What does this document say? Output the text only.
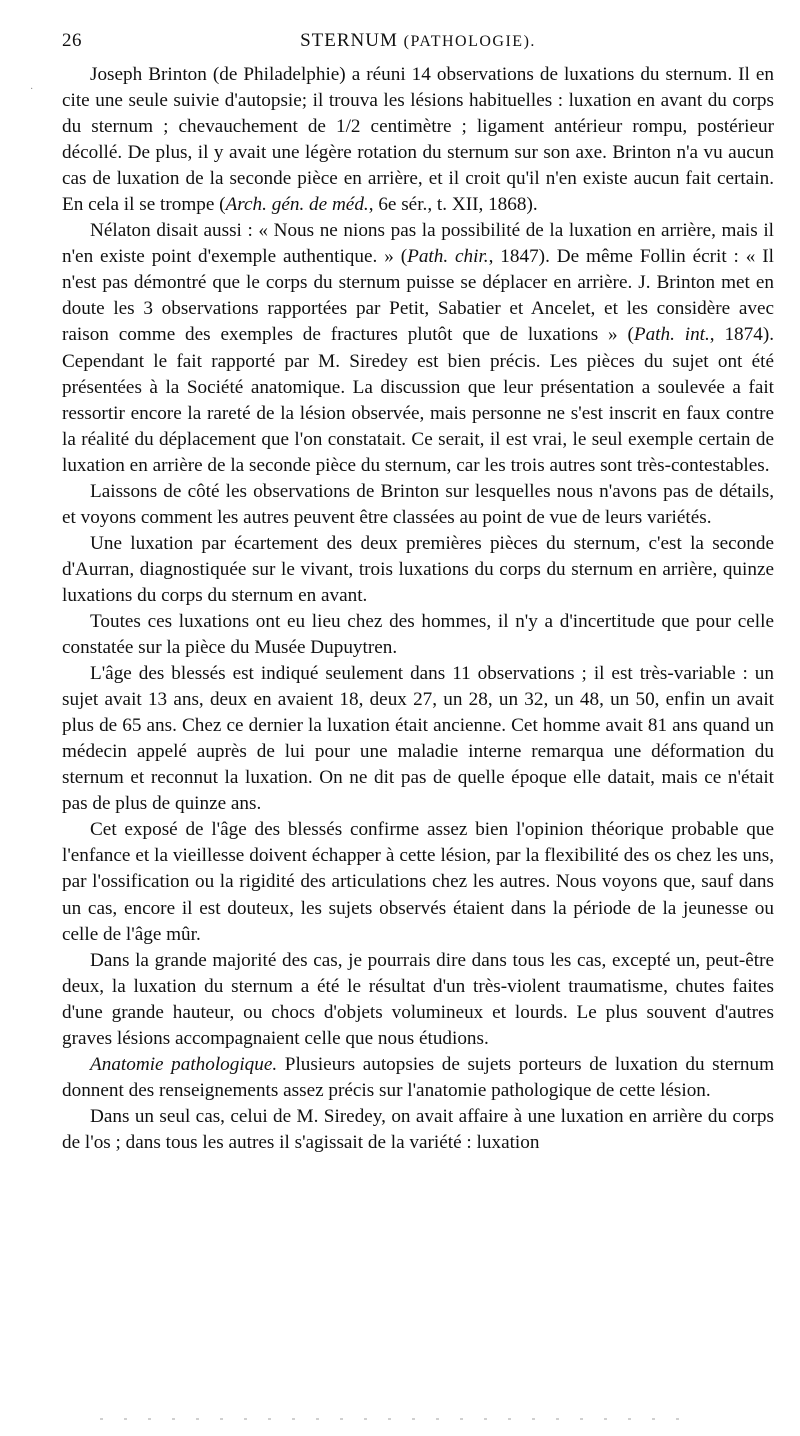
26	STERNUM (PATHOLOGIE).
·

Joseph Brinton (de Philadelphie) a réuni 14 observations de luxations du sternum. Il en cite une seule suivie d'autopsie; il trouva les lésions habituelles : luxation en avant du corps du sternum ; chevauchement de 1/2 centimètre ; ligament antérieur rompu, postérieur décollé. De plus, il y avait une légère rotation du sternum sur son axe. Brinton n'a vu aucun cas de luxation de la seconde pièce en arrière, et il croit qu'il n'en existe aucun fait certain. En cela il se trompe (Arch. gén. de méd., 6e sér., t. XII, 1868).

Nélaton disait aussi : « Nous ne nions pas la possibilité de la luxation en arrière, mais il n'en existe point d'exemple authentique. » (Path. chir., 1847). De même Follin écrit : « Il n'est pas démontré que le corps du sternum puisse se déplacer en arrière. J. Brinton met en doute les 3 observations rapportées par Petit, Sabatier et Ancelet, et les considère avec raison comme des exemples de fractures plutôt que de luxations » (Path. int., 1874). Cependant le fait rapporté par M. Siredey est bien précis. Les pièces du sujet ont été présentées à la Société anatomique. La discussion que leur présentation a soulevée a fait ressortir encore la rareté de la lésion observée, mais personne ne s'est inscrit en faux contre la réalité du déplacement que l'on constatait. Ce serait, il est vrai, le seul exemple certain de luxation en arrière de la seconde pièce du sternum, car les trois autres sont très-contestables.

Laissons de côté les observations de Brinton sur lesquelles nous n'avons pas de détails, et voyons comment les autres peuvent être classées au point de vue de leurs variétés.

Une luxation par écartement des deux premières pièces du sternum, c'est la seconde d'Aurran, diagnostiquée sur le vivant, trois luxations du corps du sternum en arrière, quinze luxations du corps du sternum en avant.

Toutes ces luxations ont eu lieu chez des hommes, il n'y a d'incertitude que pour celle constatée sur la pièce du Musée Dupuytren.

L'âge des blessés est indiqué seulement dans 11 observations ; il est très-variable : un sujet avait 13 ans, deux en avaient 18, deux 27, un 28, un 32, un 48, un 50, enfin un avait plus de 65 ans. Chez ce dernier la luxation était ancienne. Cet homme avait 81 ans quand un médecin appelé auprès de lui pour une maladie interne remarqua une déformation du sternum et reconnut la luxation. On ne dit pas de quelle époque elle datait, mais ce n'était pas de plus de quinze ans.

Cet exposé de l'âge des blessés confirme assez bien l'opinion théorique probable que l'enfance et la vieillesse doivent échapper à cette lésion, par la flexibilité des os chez les uns, par l'ossification ou la rigidité des articulations chez les autres. Nous voyons que, sauf dans un cas, encore il est douteux, les sujets observés étaient dans la période de la jeunesse ou celle de l'âge mûr.

Dans la grande majorité des cas, je pourrais dire dans tous les cas, excepté un, peut-être deux, la luxation du sternum a été le résultat d'un très-violent traumatisme, chutes faites d'une grande hauteur, ou chocs d'objets volumineux et lourds. Le plus souvent d'autres graves lésions accompagnaient celle que nous étudions.

Anatomie pathologique. Plusieurs autopsies de sujets porteurs de luxation du sternum donnent des renseignements assez précis sur l'anatomie pathologique de cette lésion.

Dans un seul cas, celui de M. Siredey, on avait affaire à une luxation en arrière du corps de l'os ; dans tous les autres il s'agissait de la variété : luxation
